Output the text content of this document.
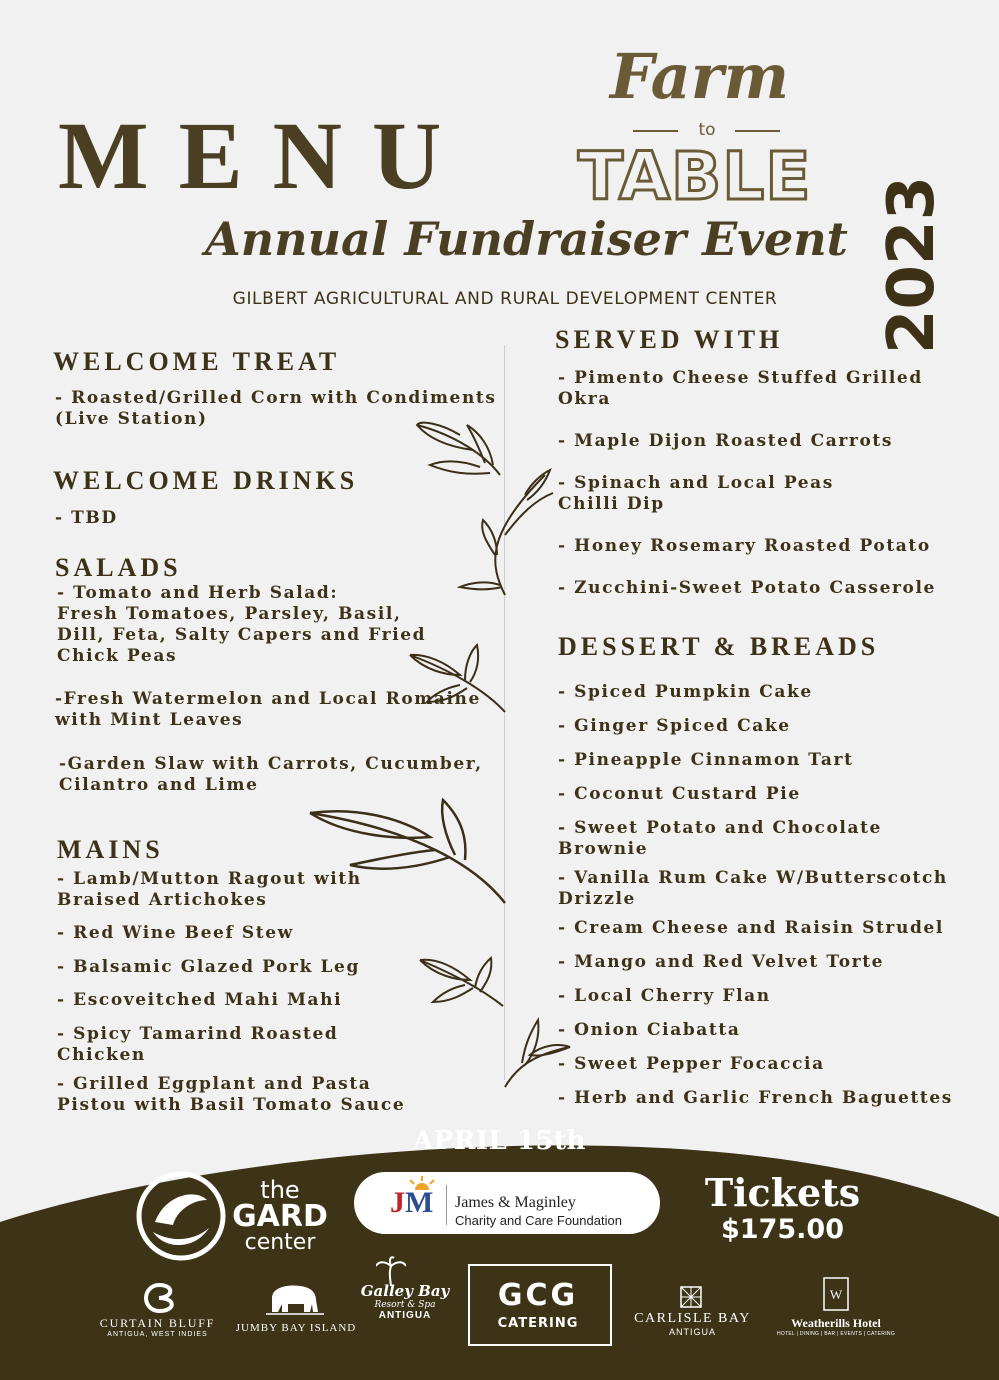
MENU
Farm
to
TABLE 2023
Annual Fundraiser Event
GILBERT AGRICULTURAL AND RURAL DEVELOPMENT CENTER
WELCOME TREAT
- Roasted/Grilled Corn with Condiments
(Live Station)
WELCOME DRINKS
- TBD
SALADS
- Tomato and Herb Salad:
Fresh Tomatoes, Parsley, Basil,
Dill, Feta, Salty Capers and Fried
Chick Peas
-Fresh Watermelon and Local Romaine
with Mint Leaves
-Garden Slaw with Carrots, Cucumber,
Cilantro and Lime
MAINS
- Lamb/Mutton Ragout with
Braised Artichokes
- Red Wine Beef Stew
- Balsamic Glazed Pork Leg
- Escoveitched Mahi Mahi
- Spicy Tamarind Roasted
Chicken
- Grilled Eggplant and Pasta
Pistou with Basil Tomato Sauce
SERVED WITH
- Pimento Cheese Stuffed Grilled
Okra
- Maple Dijon Roasted Carrots
- Spinach and Local Peas
Chilli Dip
- Honey Rosemary Roasted Potato
- Zucchini-Sweet Potato Casserole
DESSERT & BREADS
- Spiced Pumpkin Cake
- Ginger Spiced Cake
- Pineapple Cinnamon Tart
- Coconut Custard Pie
- Sweet Potato and Chocolate
Brownie
- Vanilla Rum Cake W/Butterscotch
Drizzle
- Cream Cheese and Raisin Strudel
- Mango and Red Velvet Torte
- Local Cherry Flan
- Onion Ciabatta
- Sweet Pepper Focaccia
- Herb and Garlic French Baguettes
APRIL 15th
the
GARD
center
JM James & Maginley
Charity and Care Foundation
Tickets
$175.00
CURTAIN BLUFF
ANTIGUA, WEST INDIES
JUMBY BAY ISLAND
Galley Bay
Resort & Spa
ANTIGUA
GCG
CATERING	CARLISLE BAY
ANTIGUA
W
Weatherills Hotel
HOTEL | DINING | BAR | EVENTS | CATERING
